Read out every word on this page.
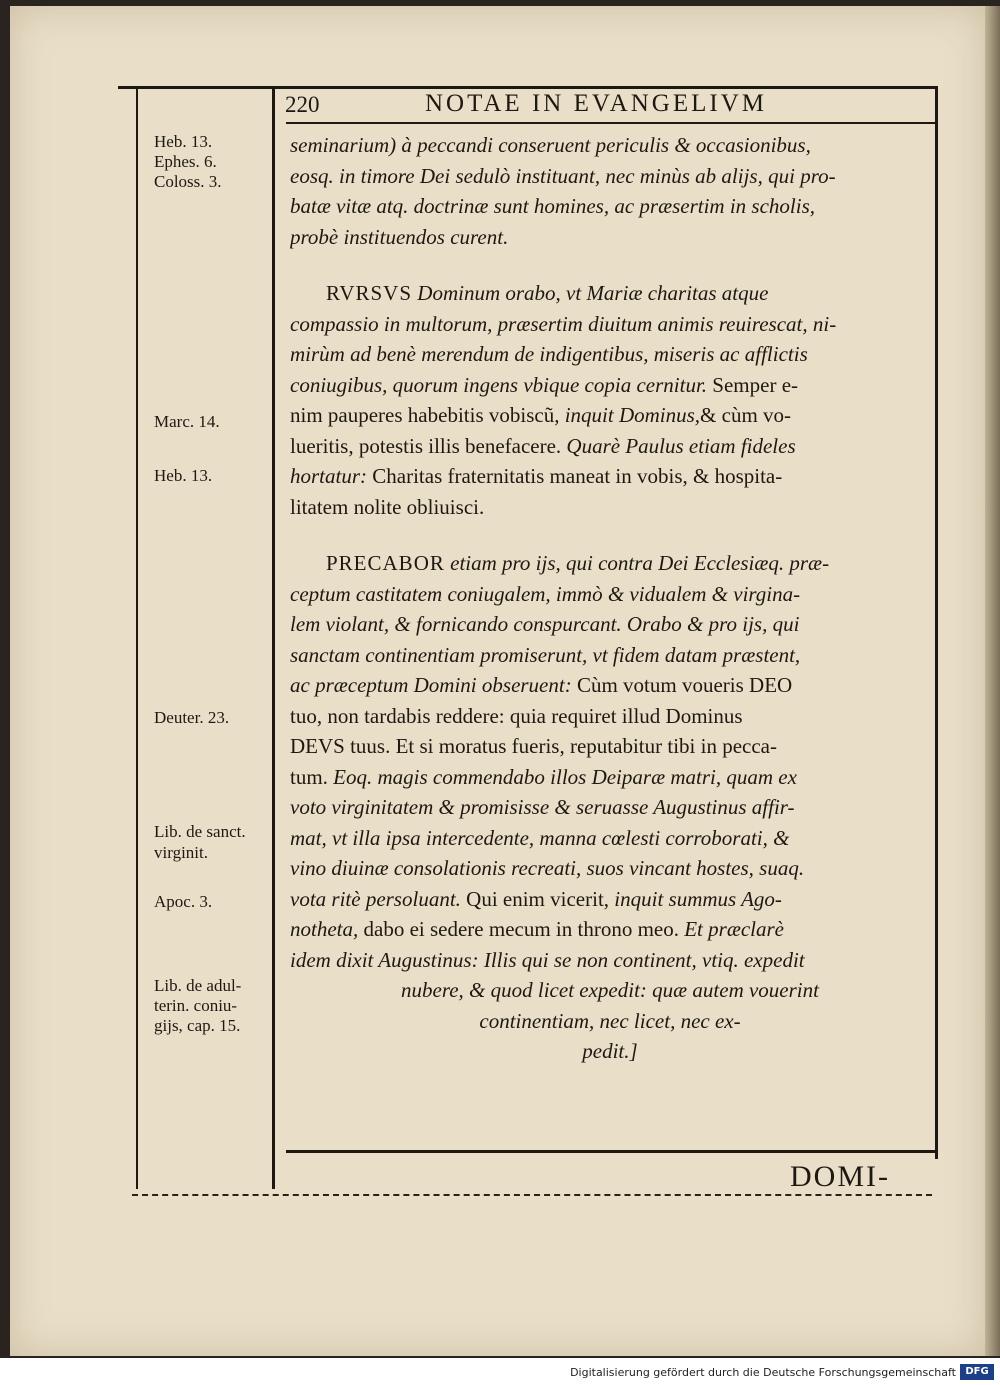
220	NOTAE IN EVANGELIVM
Heb. 13.
Ephes. 6.
Coloss. 3.
Marc. 14.
Heb. 13.
Deuter. 23.
Lib. de sanct.
virginit.
Apoc. 3.
Lib. de adul-
terin. coniu-
gijs, cap. 15.
seminarium) à peccandi conseruent periculis & occasionibus,
eosq. in timore Dei sedulò instituant, nec minùs ab alijs, qui pro-
batæ vitæ atq. doctrinæ sunt homines, ac præsertim in scholis,
probè instituendos curent.
RVRSVS Dominum orabo, vt Mariæ charitas atque
compassio in multorum, præsertim diuitum animis reuirescat, ni-
mirùm ad benè merendum de indigentibus, miseris ac afflictis
coniugibus, quorum ingens vbique copia cernitur. Semper e-
nim pauperes habebitis vobiscũ, inquit Dominus,& cùm vo-
lueritis, potestis illis benefacere. Quarè Paulus etiam fideles
hortatur: Charitas fraternitatis maneat in vobis, & hospita-
litatem nolite obliuisci.
PRECABOR etiam pro ijs, qui contra Dei Ecclesiæq. præ-
ceptum castitatem coniugalem, immò & vidualem & virgina-
lem violant, & fornicando conspurcant. Orabo & pro ijs, qui
sanctam continentiam promiserunt, vt fidem datam præstent,
ac præceptum Domini obseruent: Cùm votum voueris DEO
tuo, non tardabis reddere: quia requiret illud Dominus
DEVS tuus. Et si moratus fueris, reputabitur tibi in pecca-
tum. Eoq. magis commendabo illos Deiparæ matri, quam ex
voto virginitatem & promisisse & seruasse Augustinus affir-
mat, vt illa ipsa intercedente, manna cœlesti corroborati, &
vino diuinæ consolationis recreati, suos vincant hostes, suaq.
vota ritè persoluant. Qui enim vicerit, inquit summus Ago-
notheta, dabo ei sedere mecum in throno meo. Et præclarè
idem dixit Augustinus: Illis qui se non continent, vtiq. expedit
nubere, & quod licet expedit: quæ autem vouerint
continentiam, nec licet, nec ex-
pedit.]
DOMI-
Digitalisierung gefördert durch die Deutsche Forschungsgemeinschaft DFG
